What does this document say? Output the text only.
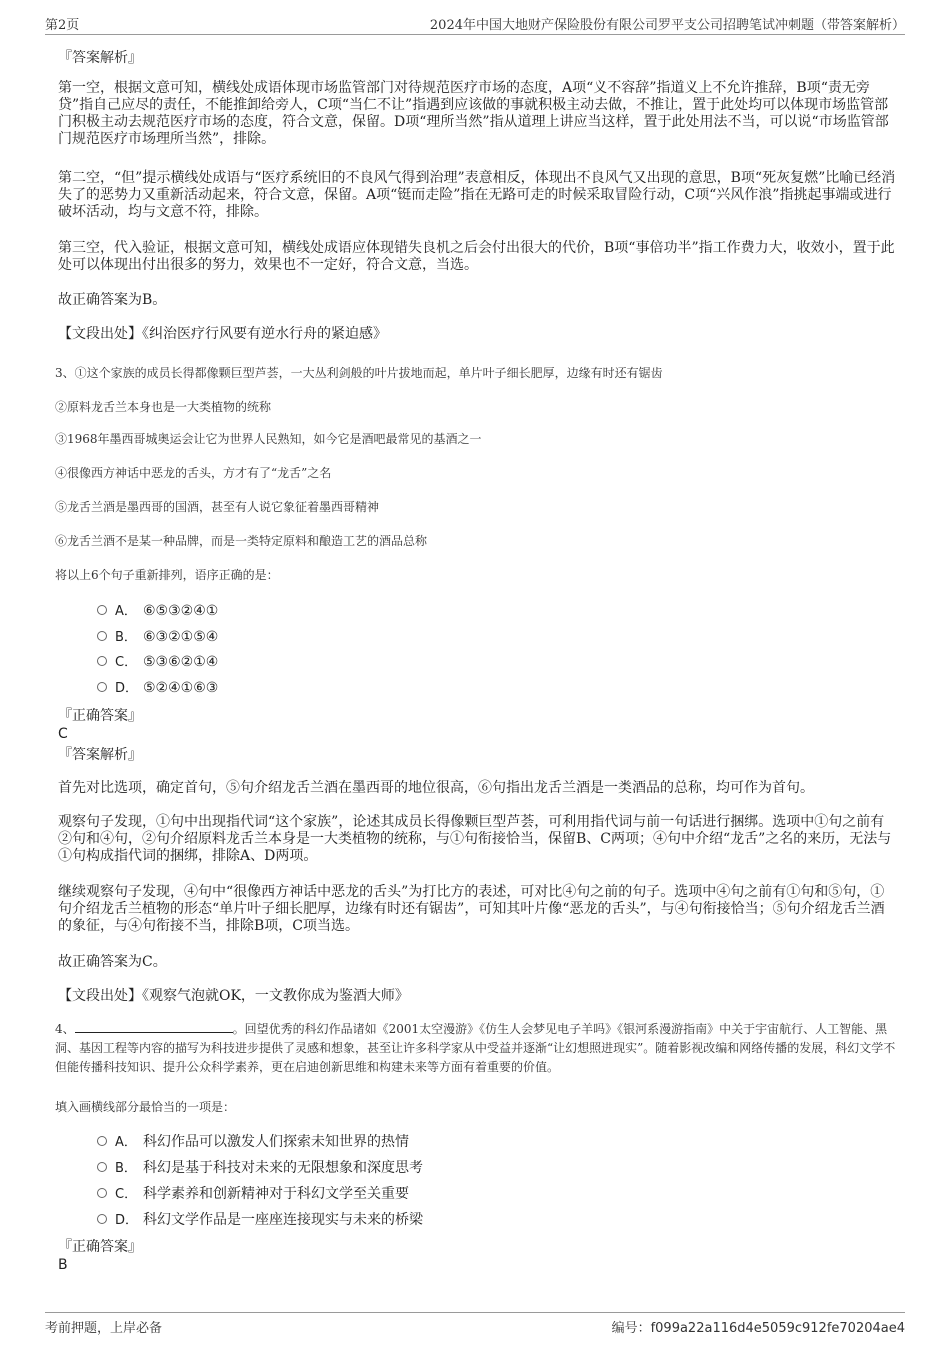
第2页	2024年中国大地财产保险股份有限公司罗平支公司招聘笔试冲刺题（带答案解析）
『答案解析』

第一空，根据文意可知，横线处成语体现市场监管部门对待规范医疗市场的态度，A项“义不容辞”指道义上不允许推辞，B项“责无旁贷”指自己应尽的责任，不能推卸给旁人，C项“当仁不让”指遇到应该做的事就积极主动去做，不推让，置于此处均可以体现市场监管部门积极主动去规范医疗市场的态度，符合文意，保留。D项“理所当然”指从道理上讲应当这样，置于此处用法不当，可以说“市场监管部门规范医疗市场理所当然”，排除。

第二空，“但”提示横线处成语与“医疗系统旧的不良风气得到治理”表意相反，体现出不良风气又出现的意思，B项“死灰复燃”比喻已经消失了的恶势力又重新活动起来，符合文意，保留。A项“铤而走险”指在无路可走的时候采取冒险行动，C项“兴风作浪”指挑起事端或进行破坏活动，均与文意不符，排除。

第三空，代入验证，根据文意可知，横线处成语应体现错失良机之后会付出很大的代价，B项“事倍功半”指工作费力大，收效小，置于此处可以体现出付出很多的努力，效果也不一定好，符合文意，当选。

故正确答案为B。

【文段出处】《纠治医疗行风要有逆水行舟的紧迫感》

3、①这个家族的成员长得都像颗巨型芦荟，一大丛利剑般的叶片拔地而起，单片叶子细长肥厚，边缘有时还有锯齿
②原料龙舌兰本身也是一大类植物的统称
③1968年墨西哥城奥运会让它为世界人民熟知，如今它是酒吧最常见的基酒之一
④很像西方神话中恶龙的舌头，方才有了“龙舌”之名
⑤龙舌兰酒是墨西哥的国酒，甚至有人说它象征着墨西哥精神
⑥龙舌兰酒不是某一种品牌，而是一类特定原料和酿造工艺的酒品总称
将以上6个句子重新排列，语序正确的是：
A． ⑥⑤③②④①
B． ⑥③②①⑤④
C． ⑤③⑥②①④
D． ⑤②④①⑥③
『正确答案』
C
『答案解析』

首先对比选项，确定首句，⑤句介绍龙舌兰酒在墨西哥的地位很高，⑥句指出龙舌兰酒是一类酒品的总称，均可作为首句。

观察句子发现，①句中出现指代词“这个家族”，论述其成员长得像颗巨型芦荟，可利用指代词与前一句话进行捆绑。选项中①句之前有②句和④句，②句介绍原料龙舌兰本身是一大类植物的统称，与①句衔接恰当，保留B、C两项；④句中介绍“龙舌”之名的来历，无法与①句构成指代词的捆绑，排除A、D两项。

继续观察句子发现，④句中“很像西方神话中恶龙的舌头”为打比方的表述，可对比④句之前的句子。选项中④句之前有①句和⑤句，①句介绍龙舌兰植物的形态“单片叶子细长肥厚，边缘有时还有锯齿”，可知其叶片像“恶龙的舌头”，与④句衔接恰当；⑤句介绍龙舌兰酒的象征，与④句衔接不当，排除B项，C项当选。

故正确答案为C。

【文段出处】《观察气泡就OK，一文教你成为鉴酒大师》

4、	。回望优秀的科幻作品诸如《2001太空漫游》《仿生人会梦见电子羊吗》《银河系漫游指南》中关于宇宙航行、人工智能、黑洞、基因工程等内容的描写为科技进步提供了灵感和想象，甚至让许多科学家从中受益并逐渐“让幻想照进现实”。随着影视改编和网络传播的发展，科幻文学不但能传播科技知识、提升公众科学素养，更在启迪创新思维和构建未来等方面有着重要的价值。

填入画横线部分最恰当的一项是：
A． 科幻作品可以激发人们探索未知世界的热情
B． 科幻是基于科技对未来的无限想象和深度思考
C． 科学素养和创新精神对于科幻文学至关重要
D． 科幻文学作品是一座座连接现实与未来的桥梁
『正确答案』
B
考前押题，上岸必备	编号：f099a22a116d4e5059c912fe70204ae4
